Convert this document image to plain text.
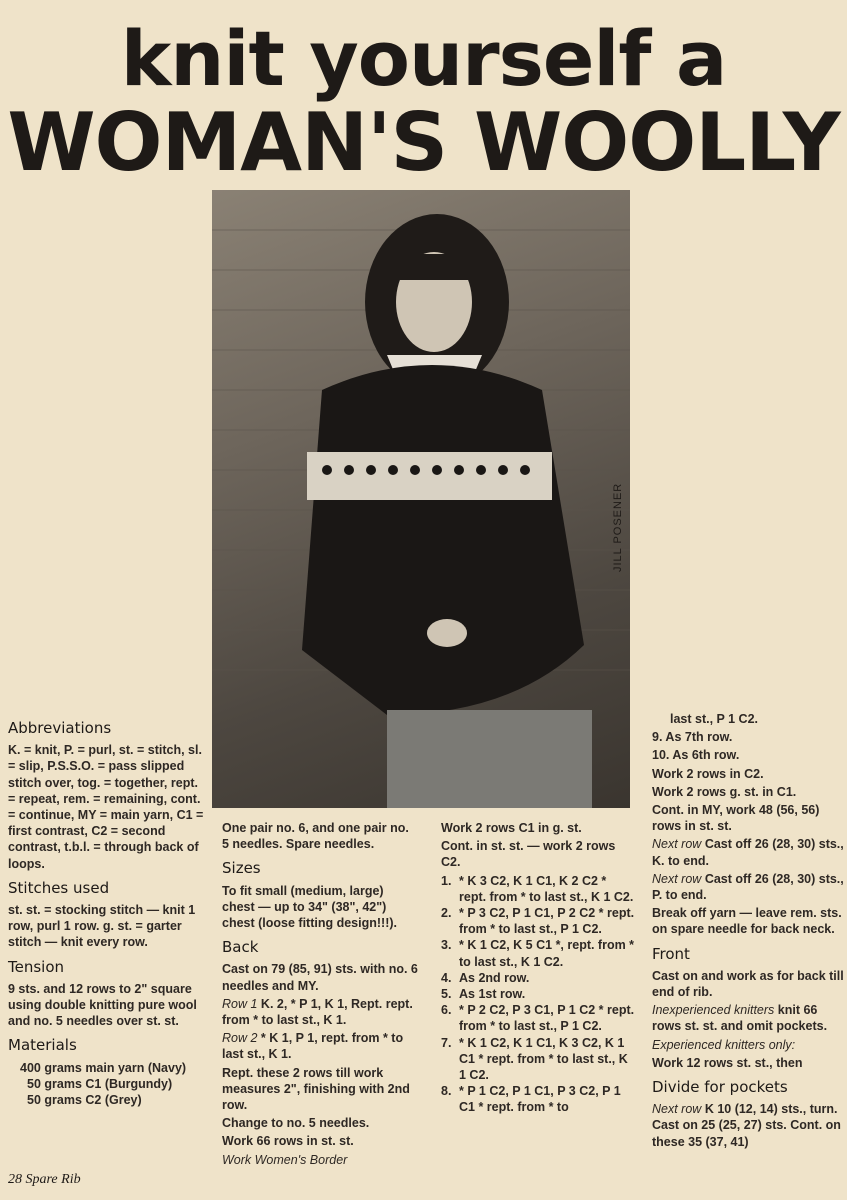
knit yourself a
WOMAN'S WOOLLY
JILL POSENER
Abbreviations

K. = knit, P. = purl, st. = stitch, sl. = slip, P.S.S.O. = pass slipped stitch over, tog. = together, rept. = repeat, rem. = remaining, cont. = continue, MY = main yarn, C1 = first contrast, C2 = second contrast, t.b.l. = through back of loops.

Stitches used

st. st. = stocking stitch — knit 1 row, purl 1 row. g. st. = garter stitch — knit every row.

Tension

9 sts. and 12 rows to 2" square using double knitting pure wool and no. 5 needles over st. st.

Materials

400 grams main yarn (Navy)

50 grams C1 (Burgundy)

50 grams C2 (Grey)

One pair no. 6, and one pair no. 5 needles. Spare needles.

Sizes

To fit small (medium, large) chest — up to 34" (38", 42") chest (loose fitting design!!!).

Back

Cast on 79 (85, 91) sts. with no. 6 needles and MY.

Row 1 K. 2, * P 1, K 1, Rept. rept. from * to last st., K 1.

Row 2 * K 1, P 1, rept. from * to last st., K 1.

Rept. these 2 rows till work measures 2", finishing with 2nd row.

Change to no. 5 needles.

Work 66 rows in st. st.

Work Women's Border

Work 2 rows C1 in g. st.

Cont. in st. st. — work 2 rows C2.

1. * K 3 C2, K 1 C1, K 2 C2 * rept. from * to last st., K 1 C2.
2. * P 3 C2, P 1 C1, P 2 C2 * rept. from * to last st., P 1 C2.
3. * K 1 C2, K 5 C1 *, rept. from * to last st., K 1 C2.
4. As 2nd row.
5. As 1st row.
6. * P 2 C2, P 3 C1, P 1 C2 * rept. from * to last st., P 1 C2.
7. * K 1 C2, K 1 C1, K 3 C2, K 1 C1 * rept. from * to last st., K 1 C2.
8. * P 1 C2, P 1 C1, P 3 C2, P 1 C1 * rept. from * to

last st., P 1 C2.

9. As 7th row.

10. As 6th row.

Work 2 rows in C2.

Work 2 rows g. st. in C1.

Cont. in MY, work 48 (56, 56) rows in st. st.

Next row Cast off 26 (28, 30) sts., K. to end.

Next row Cast off 26 (28, 30) sts., P. to end.

Break off yarn — leave rem. sts. on spare needle for back neck.

Front

Cast on and work as for back till end of rib.

Inexperienced knitters knit 66 rows st. st. and omit pockets.

Experienced knitters only:

Work 12 rows st. st., then

Divide for pockets

Next row K 10 (12, 14) sts., turn. Cast on 25 (25, 27) sts. Cont. on these 35 (37, 41)

28 Spare Rib
